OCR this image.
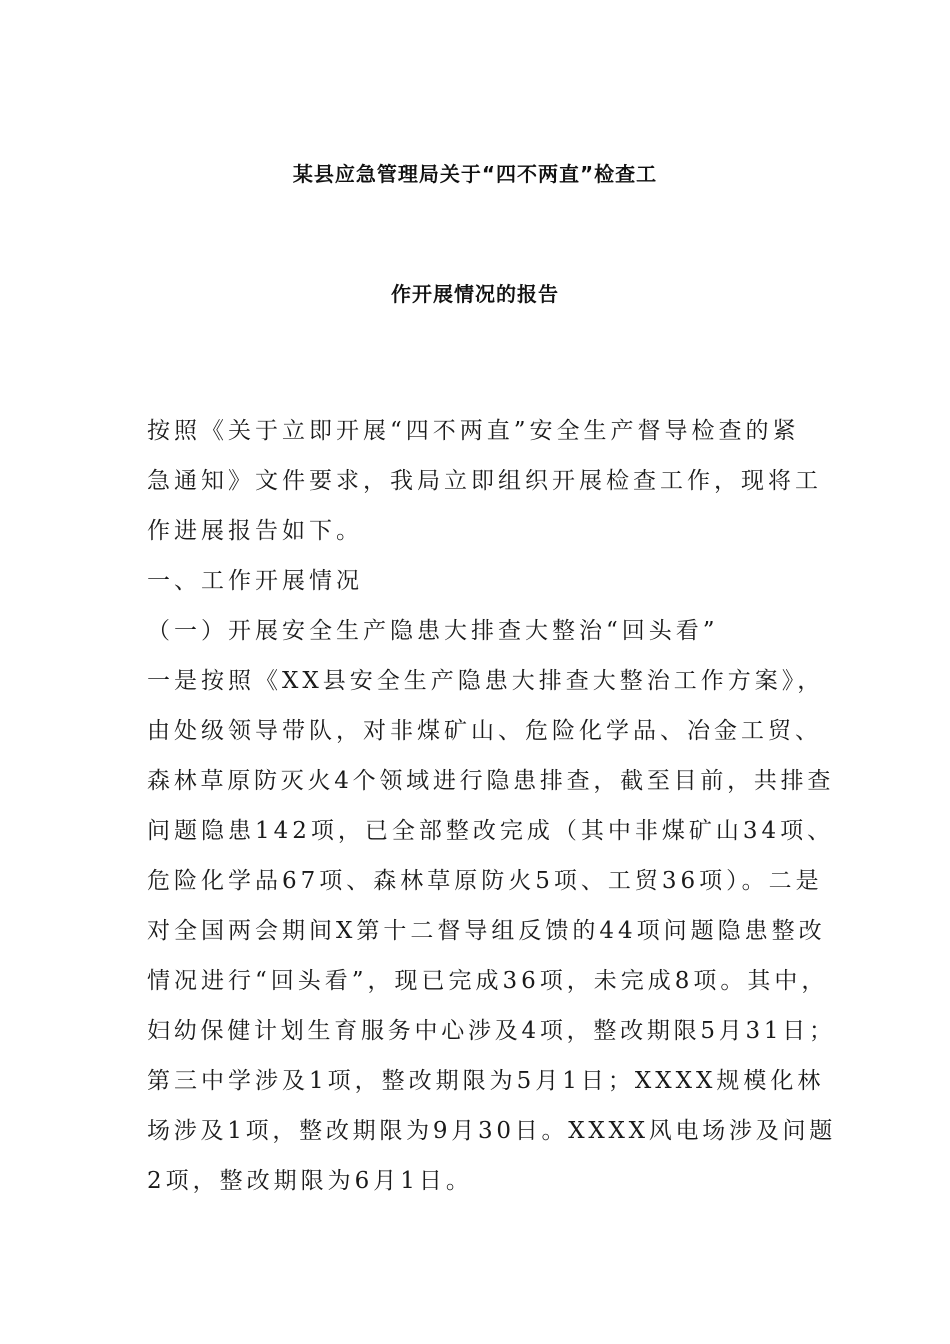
某县应急管理局关于“四不两直”检查工
作开展情况的报告
按照《关于立即开展“四不两直”安全生产督导检查的紧
急通知》文件要求，我局立即组织开展检查工作，现将工
作进展报告如下。
一、工作开展情况
（一）开展安全生产隐患大排查大整治“回头看”
一是按照《XX县安全生产隐患大排查大整治工作方案》，
由处级领导带队，对非煤矿山、危险化学品、冶金工贸、
森林草原防灭火4个领域进行隐患排查，截至目前，共排查
问题隐患142项，已全部整改完成（其中非煤矿山34项、
危险化学品67项、森林草原防火5项、工贸36项）。二是
对全国两会期间X第十二督导组反馈的44项问题隐患整改
情况进行“回头看”，现已完成36项，未完成8项。其中，
妇幼保健计划生育服务中心涉及4项，整改期限5月31日；
第三中学涉及1项，整改期限为5月1日；XXXX规模化林
场涉及1项，整改期限为9月30日。XXXX风电场涉及问题
2项，整改期限为6月1日。
